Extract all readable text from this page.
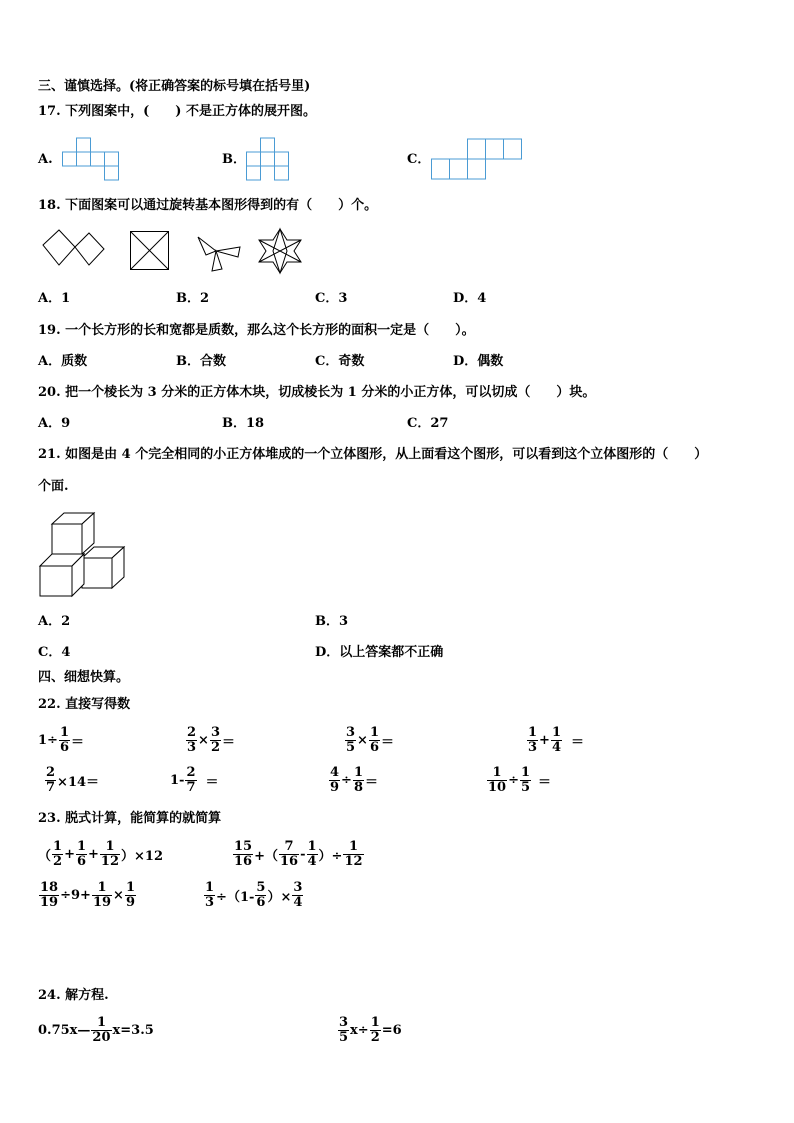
三、谨慎选择。(将正确答案的标号填在括号里)
17. 下列图案中，(　　) 不是正方体的展开图。
A.	B．	C．
18. 下面图案可以通过旋转基本图形得到的有（　　）个。
A．1	B．2	C．3	D．4
19. 一个长方形的长和宽都是质数，那么这个长方形的面积一定是（　　）。
A．质数	B．合数	C．奇数	D．偶数
20. 把一个棱长为 3 分米的正方体木块，切成棱长为 1 分米的小正方体，可以切成（　　）块。
A．9	B．18	C．27
21. 如图是由 4 个完全相同的小正方体堆成的一个立体图形，从上面看这个图形，可以看到这个立体图形的（　　）
个面.
A．2	B．3
C．4	D．以上答案都不正确
四、细想快算。
22. 直接写得数
$1\div \frac{1}{6}$ ＝	$\frac{2}{3} \times \frac{3}{2}$ ＝	$\frac{3}{5} \times \frac{1}{6}$ ＝	$\frac{1}{3} + \frac{1}{4}$ ＝
$\frac{2}{7} \times 14=$	$1- \frac{2}{7}$ ＝	$\frac{4}{9} \div \frac{1}{8}$ ＝	$\frac{1}{10} \div \frac{1}{5}$ ＝
23. 脱式计算，能简算的就简算
（ $\frac{1}{2} + \frac{1}{6} + \frac{1}{12} )\times 12$	$\frac{15}{16}$ +（ $\frac{7}{16} - \frac{1}{4}$ ）÷ $\frac{1}{12}$
$\frac{18}{19} \div 9+ \frac{1}{19} \times \frac{1}{9}$	$\frac{1}{3} \div(1- \frac{5}{6}$ ）× $\frac{3}{4}$
24. 解方程.
0.75x— $\frac{1}{20} x=3.5$	$\frac{3}{5} x\div \frac{1}{2} =6$
